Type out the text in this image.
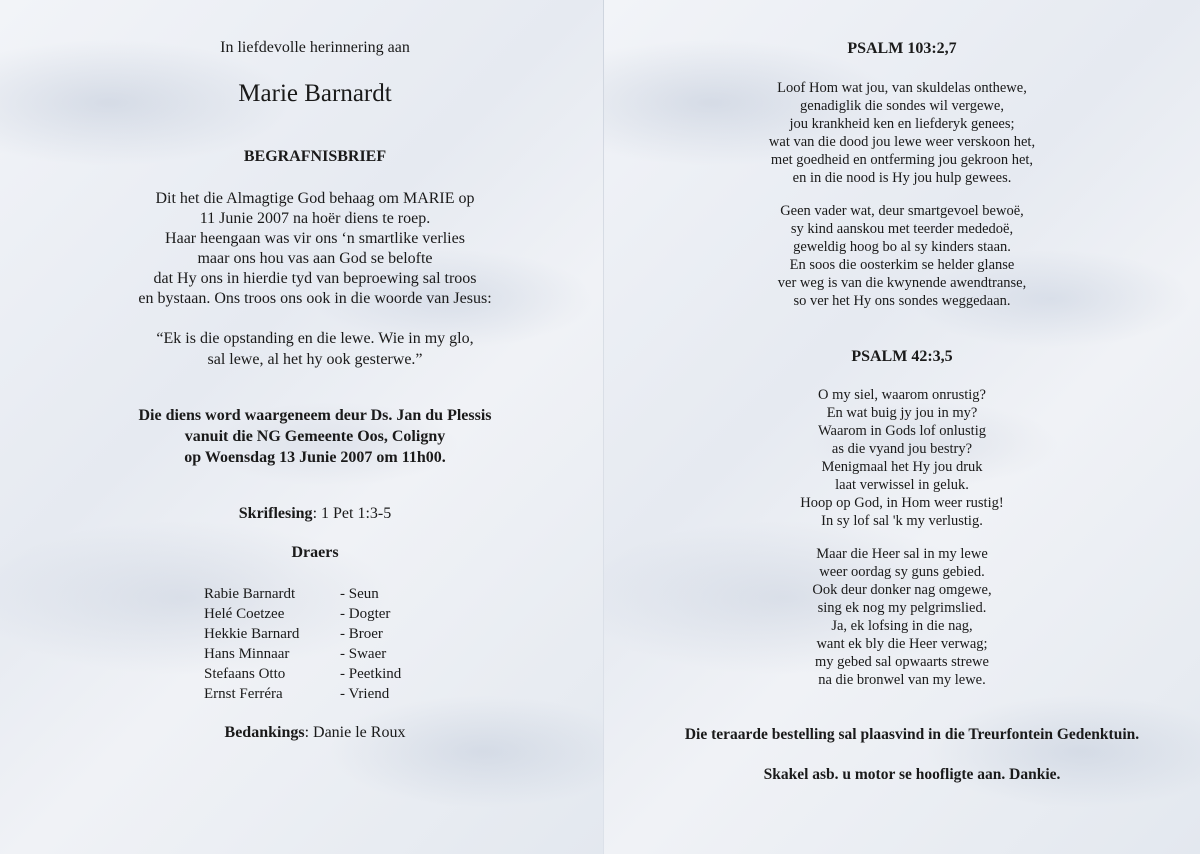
In liefdevolle herinnering aan
Marie Barnardt
BEGRAFNISBRIEF
Dit het die Almagtige God behaag om MARIE op
11 Junie 2007 na hoër diens te roep.
Haar heengaan was vir ons ‘n smartlike verlies
maar ons hou vas aan God se belofte
dat Hy ons in hierdie tyd van beproewing sal troos
en bystaan. Ons troos ons ook in die woorde van Jesus:
“Ek is die opstanding en die lewe. Wie in my glo,
sal lewe, al het hy ook gesterwe.”
Die diens word waargeneem deur Ds. Jan du Plessis
vanuit die NG Gemeente Oos, Coligny
op Woensdag 13 Junie 2007 om 11h00.
Skriflesing: 1 Pet 1:3-5
Draers
Rabie Barnardt	- Seun
Helé Coetzee	- Dogter
Hekkie Barnard	- Broer
Hans Minnaar	- Swaer
Stefaans Otto	- Peetkind
Ernst Ferréra	- Vriend
Bedankings: Danie le Roux
PSALM 103:2,7
Loof Hom wat jou, van skuldelas onthewe,
genadiglik die sondes wil vergewe,
jou krankheid ken en liefderyk genees;
wat van die dood jou lewe weer verskoon het,
met goedheid en ontferming jou gekroon het,
en in die nood is Hy jou hulp gewees.
Geen vader wat, deur smartgevoel bewoë,
sy kind aanskou met teerder mededoë,
geweldig hoog bo al sy kinders staan.
En soos die oosterkim se helder glanse
ver weg is van die kwynende awendtranse,
so ver het Hy ons sondes weggedaan.
PSALM 42:3,5
O my siel, waarom onrustig?
En wat buig jy jou in my?
Waarom in Gods lof onlustig
as die vyand jou bestry?
Menigmaal het Hy jou druk
laat verwissel in geluk.
Hoop op God, in Hom weer rustig!
In sy lof sal 'k my verlustig.
Maar die Heer sal in my lewe
weer oordag sy guns gebied.
Ook deur donker nag omgewe,
sing ek nog my pelgrimslied.
Ja, ek lofsing in die nag,
want ek bly die Heer verwag;
my gebed sal opwaarts strewe
na die bronwel van my lewe.
Die teraarde bestelling sal plaasvind in die Treurfontein Gedenktuin.
Skakel asb. u motor se hoofligte aan. Dankie.
